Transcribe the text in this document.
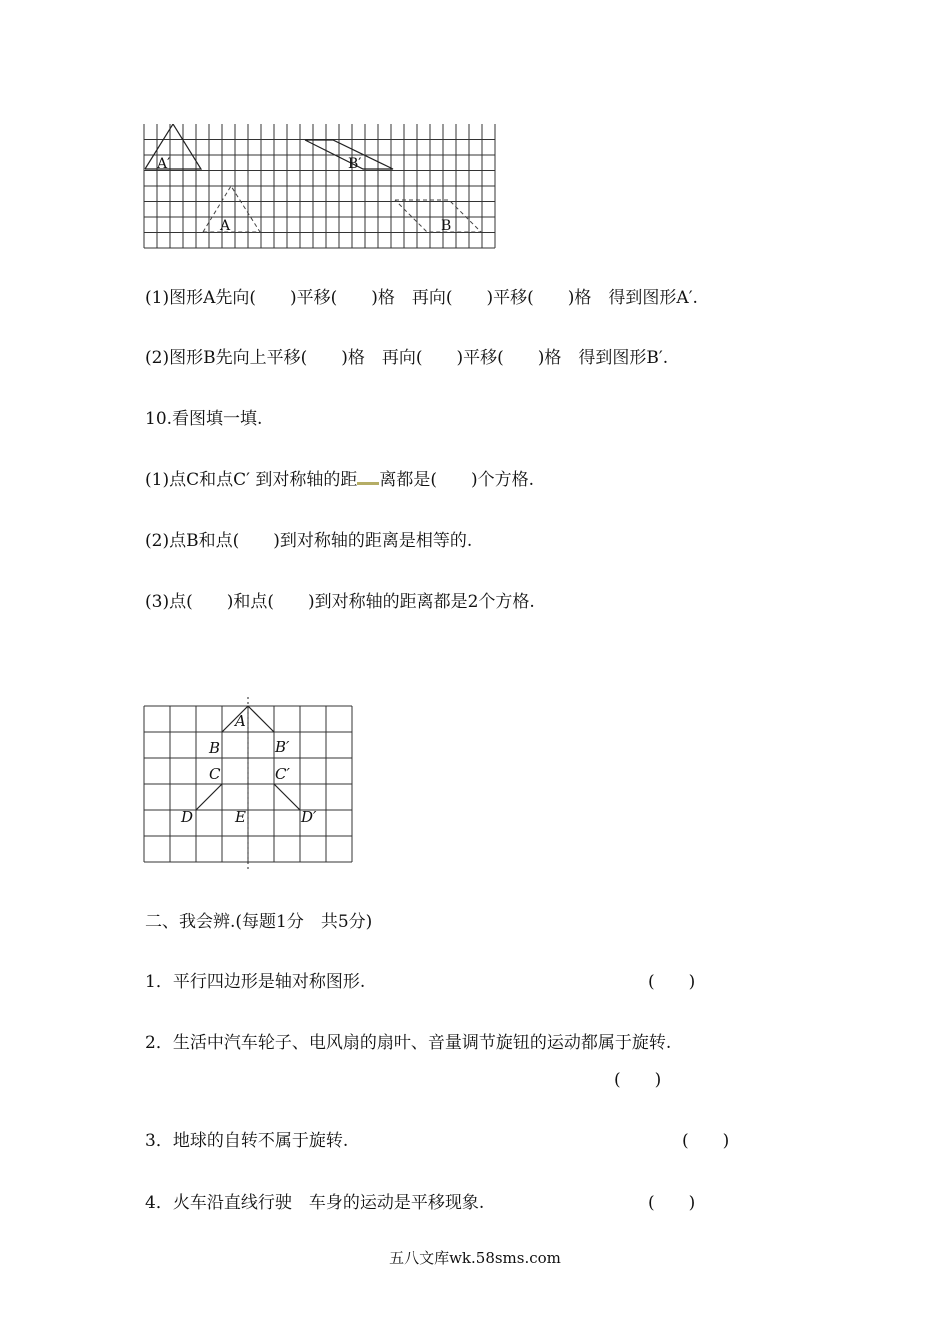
A′	B′
A	B
(1)图形A先向(　　)平移(　　)格　再向(　　)平移(　　)格　得到图形A′.
(2)图形B先向上平移(　　)格　再向(　　)平移(　　)格　得到图形B′.
10.看图填一填.
(1)点C和点C′ 到对称轴的距 离都是(　　)个方格.
(2)点B和点(　　)到对称轴的距离是相等的.
(3)点(　　)和点(　　)到对称轴的距离都是2个方格.
A
B	B′
C	C′
D	E	D′
二、我会辨.(每题1分　共5分)
1．平行四边形是轴对称图形.	(　　)
2．生活中汽车轮子、电风扇的扇叶、音量调节旋钮的运动都属于旋转.
(　　)
3．地球的自转不属于旋转.	(　　)
4．火车沿直线行驶　车身的运动是平移现象.	(　　)
五八文库wk.58sms.com
